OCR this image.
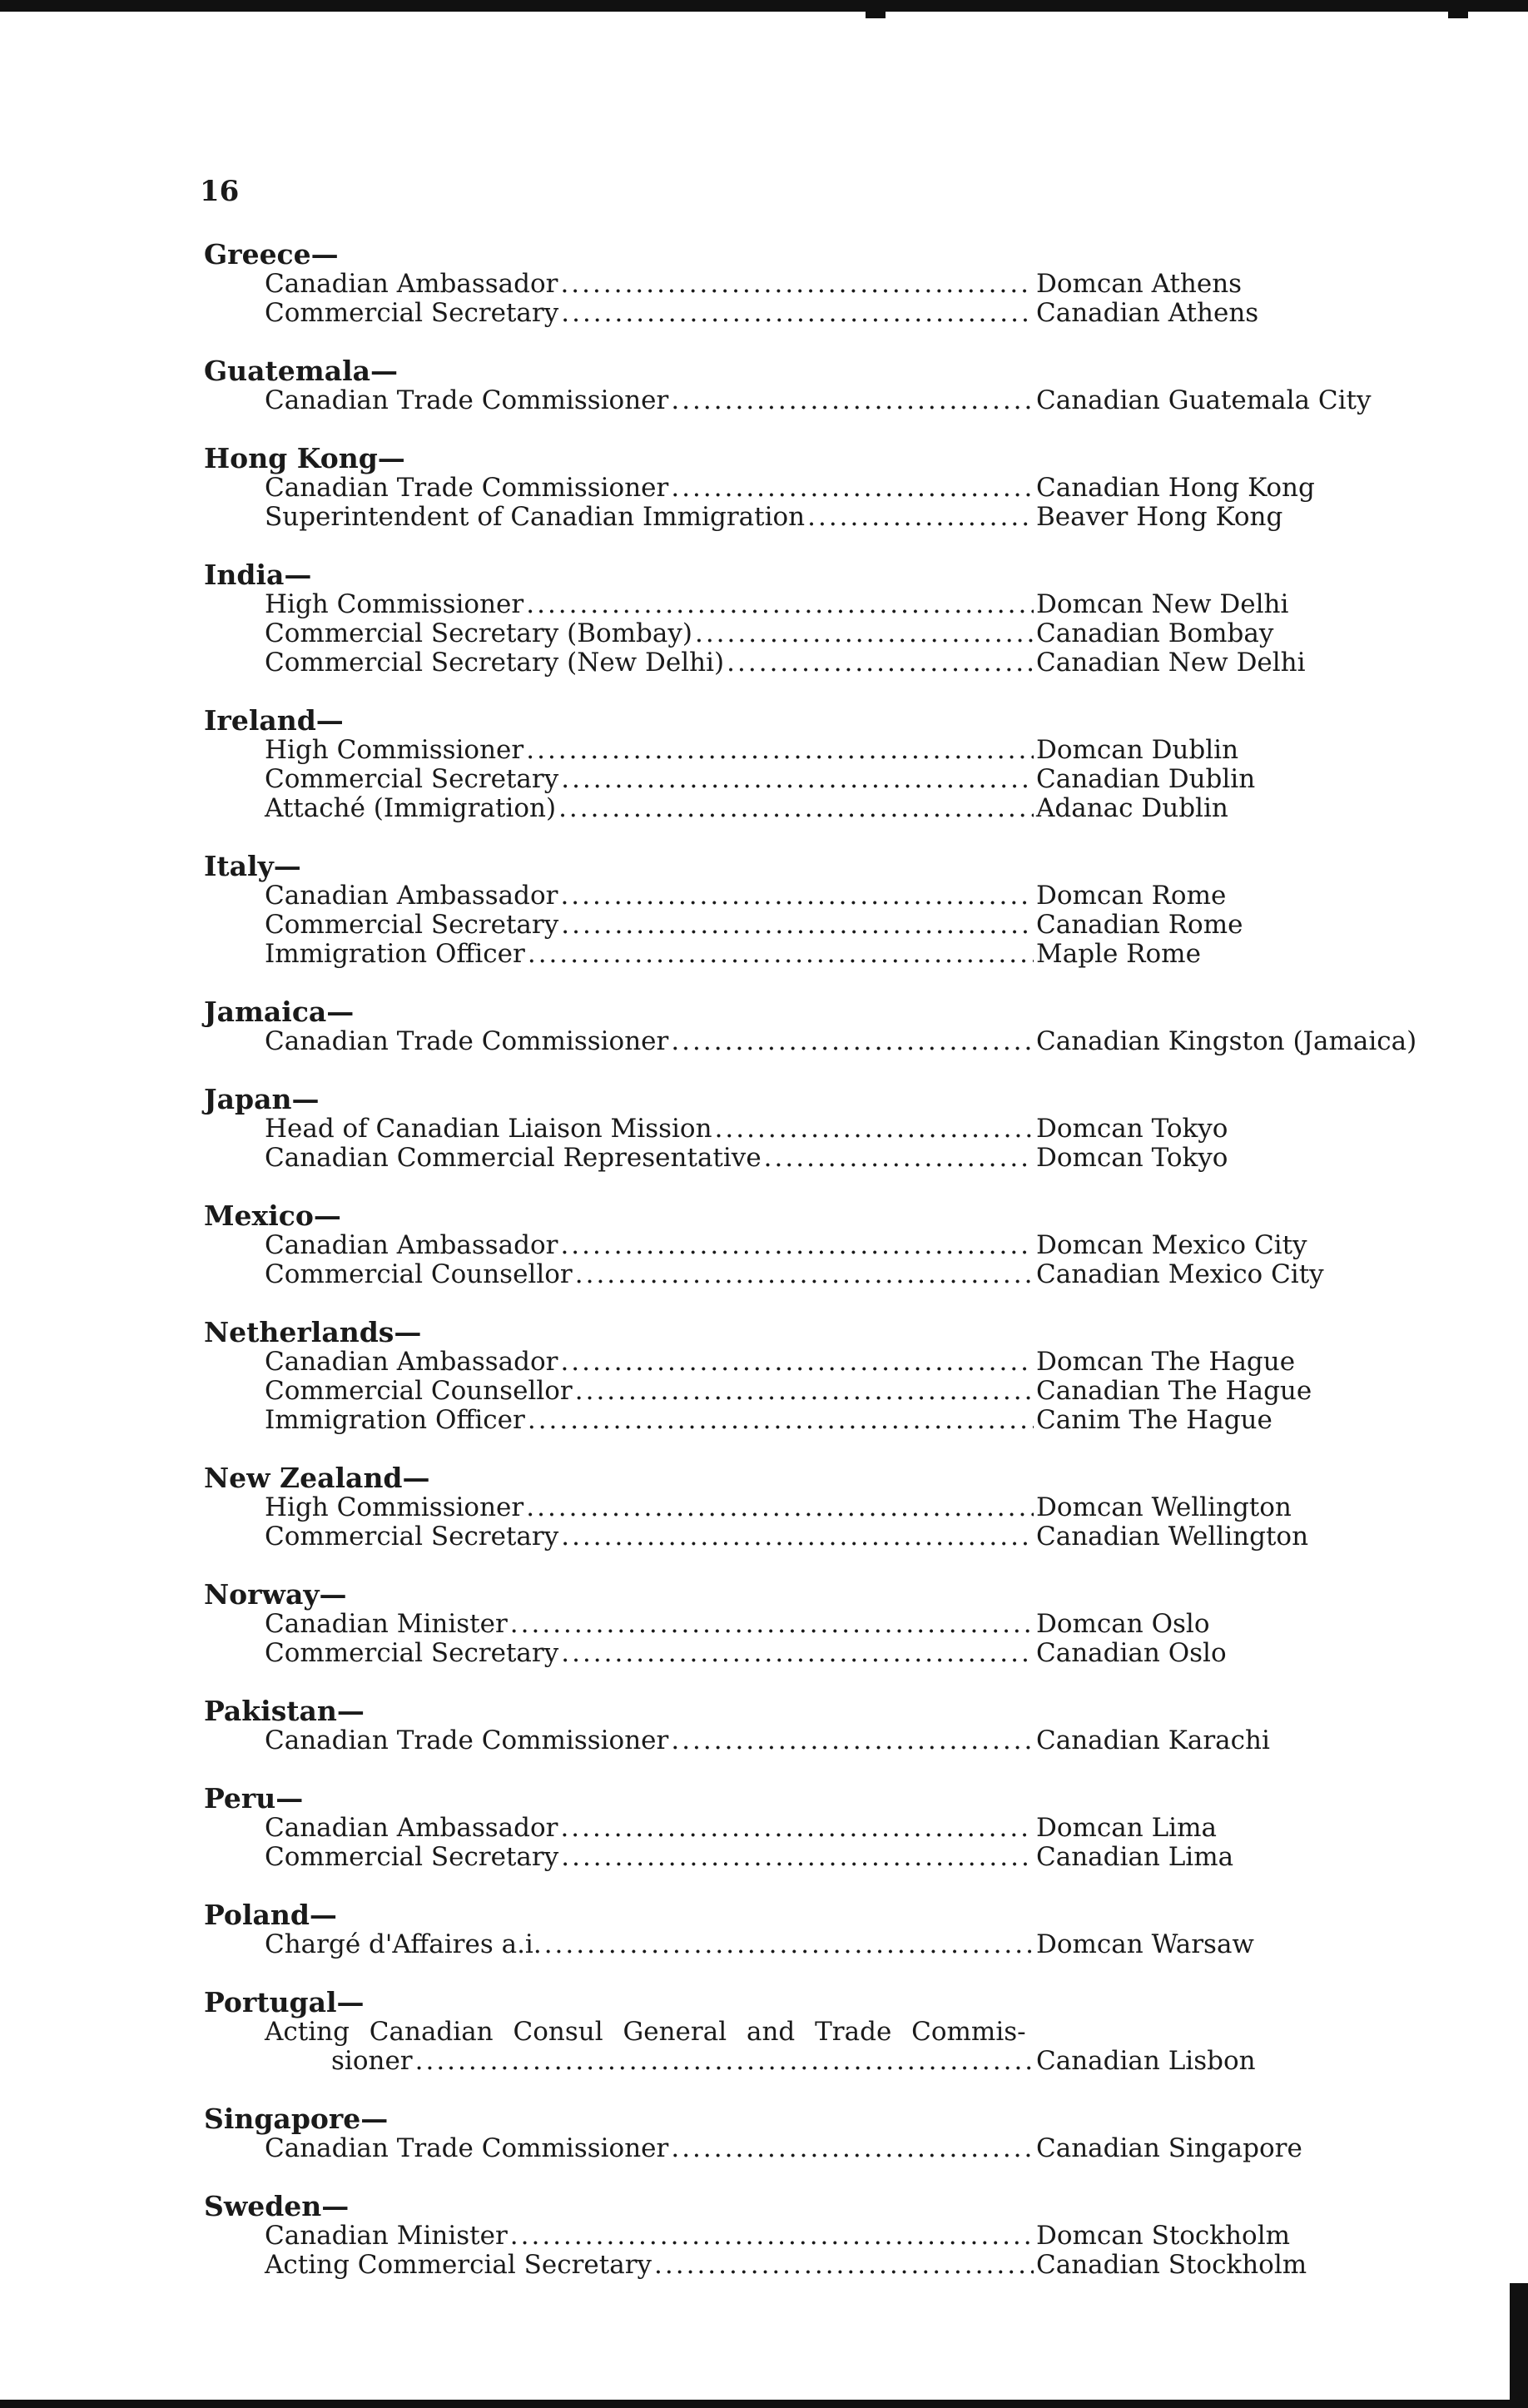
16

Greece—
Canadian Ambassador .....	Domcan Athens
Commercial Secretary .....	Canadian Athens
Guatemala—
Canadian Trade Commissioner .....	Canadian Guatemala City
Hong Kong—
Canadian Trade Commissioner .....	Canadian Hong Kong
Superintendent of Canadian Immigration .....	Beaver Hong Kong
India—
High Commissioner .....	Domcan New Delhi
Commercial Secretary (Bombay) .....	Canadian Bombay
Commercial Secretary (New Delhi) .....	Canadian New Delhi
Ireland—
High Commissioner .....	Domcan Dublin
Commercial Secretary .....	Canadian Dublin
Attaché (Immigration) .....	Adanac Dublin
Italy—
Canadian Ambassador .....	Domcan Rome
Commercial Secretary .....	Canadian Rome
Immigration Officer .....	Maple Rome
Jamaica—
Canadian Trade Commissioner .....	Canadian Kingston (Jamaica)
Japan—
Head of Canadian Liaison Mission .....	Domcan Tokyo
Canadian Commercial Representative .....	Domcan Tokyo
Mexico—
Canadian Ambassador .....	Domcan Mexico City
Commercial Counsellor .....	Canadian Mexico City
Netherlands—
Canadian Ambassador .....	Domcan The Hague
Commercial Counsellor .....	Canadian The Hague
Immigration Officer .....	Canim The Hague
New Zealand—
High Commissioner .....	Domcan Wellington
Commercial Secretary .....	Canadian Wellington
Norway—
Canadian Minister .....	Domcan Oslo
Commercial Secretary .....	Canadian Oslo
Pakistan—
Canadian Trade Commissioner .....	Canadian Karachi
Peru—
Canadian Ambassador .....	Domcan Lima
Commercial Secretary .....	Canadian Lima
Poland—
Chargé d'Affaires a.i. .....	Domcan Warsaw
Portugal—
Acting Canadian Consul General and Trade Commis-
sioner .....	Canadian Lisbon
Singapore—
Canadian Trade Commissioner .....	Canadian Singapore
Sweden—
Canadian Minister .....	Domcan Stockholm
Acting Commercial Secretary .....	Canadian Stockholm
